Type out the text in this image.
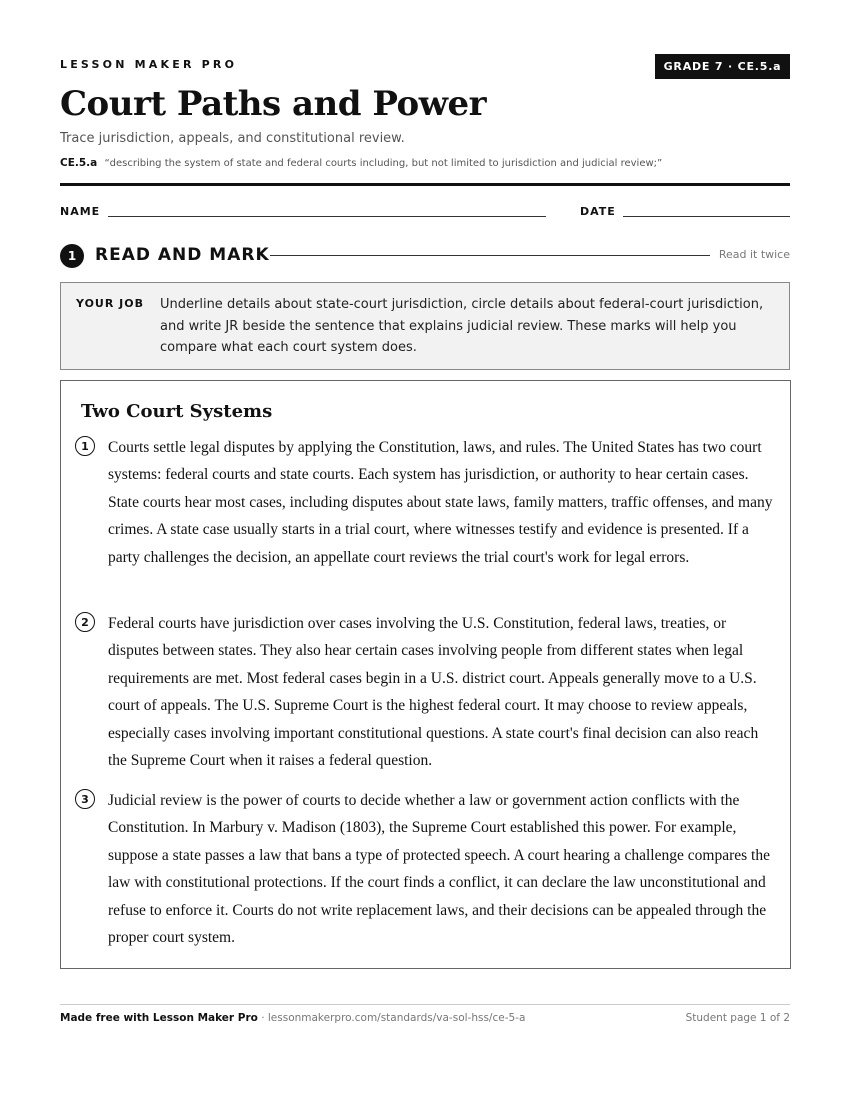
LESSON MAKER PRO	GRADE 7 · CE.5.a
Court Paths and Power
Trace jurisdiction, appeals, and constitutional review.
CE.5.a “describing the system of state and federal courts including, but not limited to jurisdiction and judicial review;”
NAME	DATE
1	READ AND MARK	Read it twice
YOUR JOB Underline details about state-court jurisdiction, circle details about federal-court jurisdiction, and write JR beside the sentence that explains judicial review. These marks will help you compare what each court system does.
Two Court Systems
1	Courts settle legal disputes by applying the Constitution, laws, and rules. The United States has two court systems: federal courts and state courts. Each system has jurisdiction, or authority to hear certain cases. State courts hear most cases, including disputes about state laws, family matters, traffic offenses, and many crimes. A state case usually starts in a trial court, where witnesses testify and evidence is presented. If a party challenges the decision, an appellate court reviews the trial court's work for legal errors.

2	Federal courts have jurisdiction over cases involving the U.S. Constitution, federal laws, treaties, or disputes between states. They also hear certain cases involving people from different states when legal requirements are met. Most federal cases begin in a U.S. district court. Appeals generally move to a U.S. court of appeals. The U.S. Supreme Court is the highest federal court. It may choose to review appeals, especially cases involving important constitutional questions. A state court's final decision can also reach the Supreme Court when it raises a federal question.

3	Judicial review is the power of courts to decide whether a law or government action conflicts with the Constitution. In Marbury v. Madison (1803), the Supreme Court established this power. For example, suppose a state passes a law that bans a type of protected speech. A court hearing a challenge compares the law with constitutional protections. If the court finds a conflict, it can declare the law unconstitutional and refuse to enforce it. Courts do not write replacement laws, and their decisions can be appealed through the proper court system.

Made free with Lesson Maker Pro · lessonmakerpro.com/standards/va-sol-hss/ce-5-a	Student page 1 of 2
